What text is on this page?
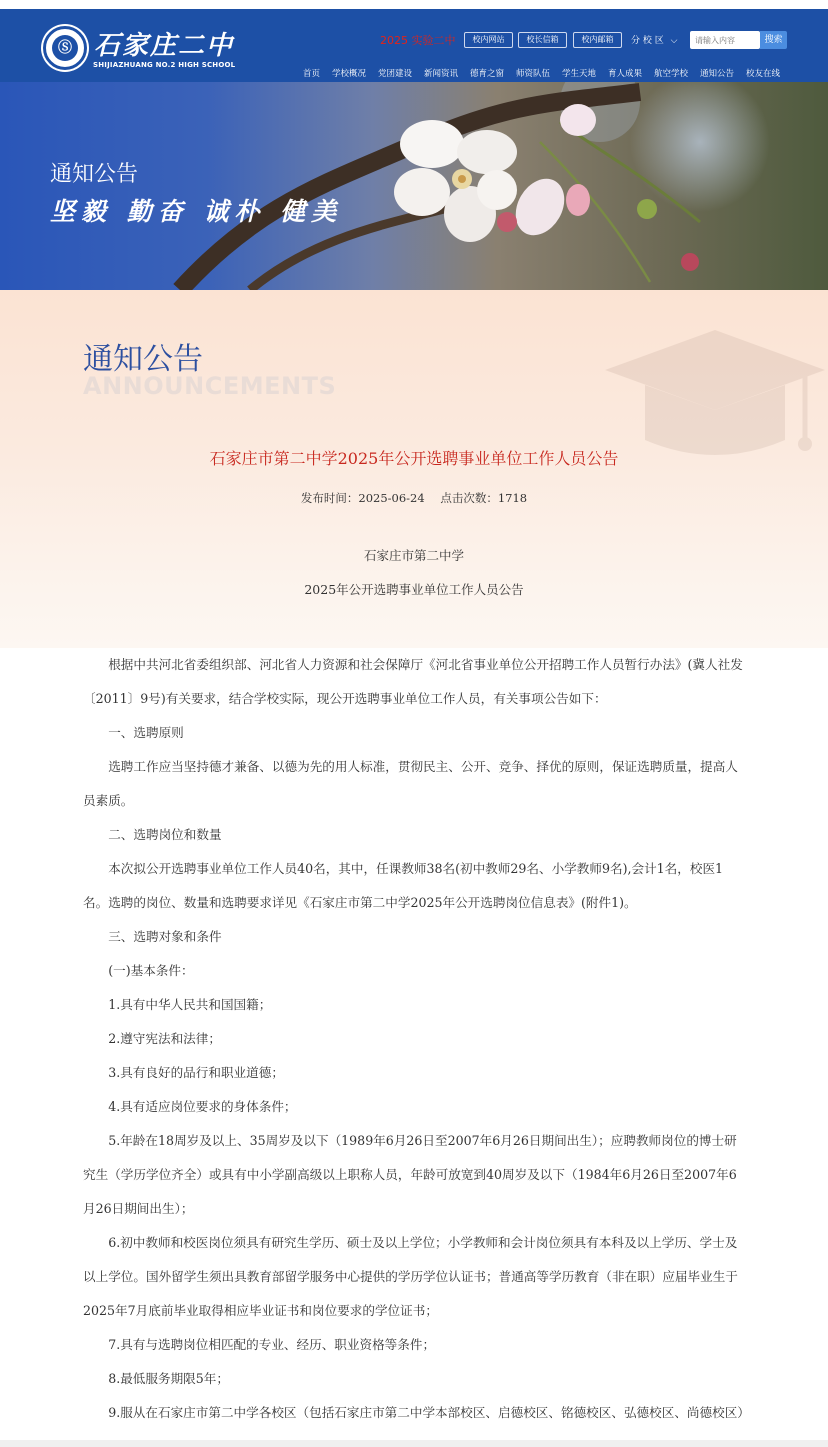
Ⓢ 石家庄二中
SHIJIAZHUANG NO.2 HIGH SCHOOL
2025 实验二中	校内网站	校长信箱	校内邮箱	分 校 区 ⌵
请输入内容	搜索
首页 学校概况 党团建设 新闻资讯 德育之窗 师资队伍 学生天地 育人成果 航空学校 通知公告 校友在线
通知公告
坚毅 勤奋 诚朴 健美
通知公告
ANNOUNCEMENTS
石家庄市第二中学2025年公开选聘事业单位工作人员公告
发布时间：2025-06-24 点击次数：1718
石家庄市第二中学
2025年公开选聘事业单位工作人员公告

根据中共河北省委组织部、河北省人力资源和社会保障厅《河北省事业单位公开招聘工作人员暂行办法》(冀人社发〔2011〕9号)有关要求，结合学校实际，现公开选聘事业单位工作人员，有关事项公告如下：

一、选聘原则

选聘工作应当坚持德才兼备、以德为先的用人标准，贯彻民主、公开、竞争、择优的原则，保证选聘质量，提高人员素质。

二、选聘岗位和数量

本次拟公开选聘事业单位工作人员40名，其中，任课教师38名(初中教师29名、小学教师9名),会计1名，校医1名。选聘的岗位、数量和选聘要求详见《石家庄市第二中学2025年公开选聘岗位信息表》(附件1)。

三、选聘对象和条件

(一)基本条件：

1.具有中华人民共和国国籍；

2.遵守宪法和法律；

3.具有良好的品行和职业道德；

4.具有适应岗位要求的身体条件；

5.年龄在18周岁及以上、35周岁及以下（1989年6月26日至2007年6月26日期间出生）；应聘教师岗位的博士研究生（学历学位齐全）或具有中小学副高级以上职称人员，年龄可放宽到40周岁及以下（1984年6月26日至2007年6月26日期间出生）；

6.初中教师和校医岗位须具有研究生学历、硕士及以上学位；小学教师和会计岗位须具有本科及以上学历、学士及以上学位。国外留学生须出具教育部留学服务中心提供的学历学位认证书；普通高等学历教育（非在职）应届毕业生于2025年7月底前毕业取得相应毕业证书和岗位要求的学位证书；

7.具有与选聘岗位相匹配的专业、经历、职业资格等条件；

8.最低服务期限5年；

9.服从在石家庄市第二中学各校区（包括石家庄市第二中学本部校区、启德校区、铭德校区、弘德校区、尚德校区）
